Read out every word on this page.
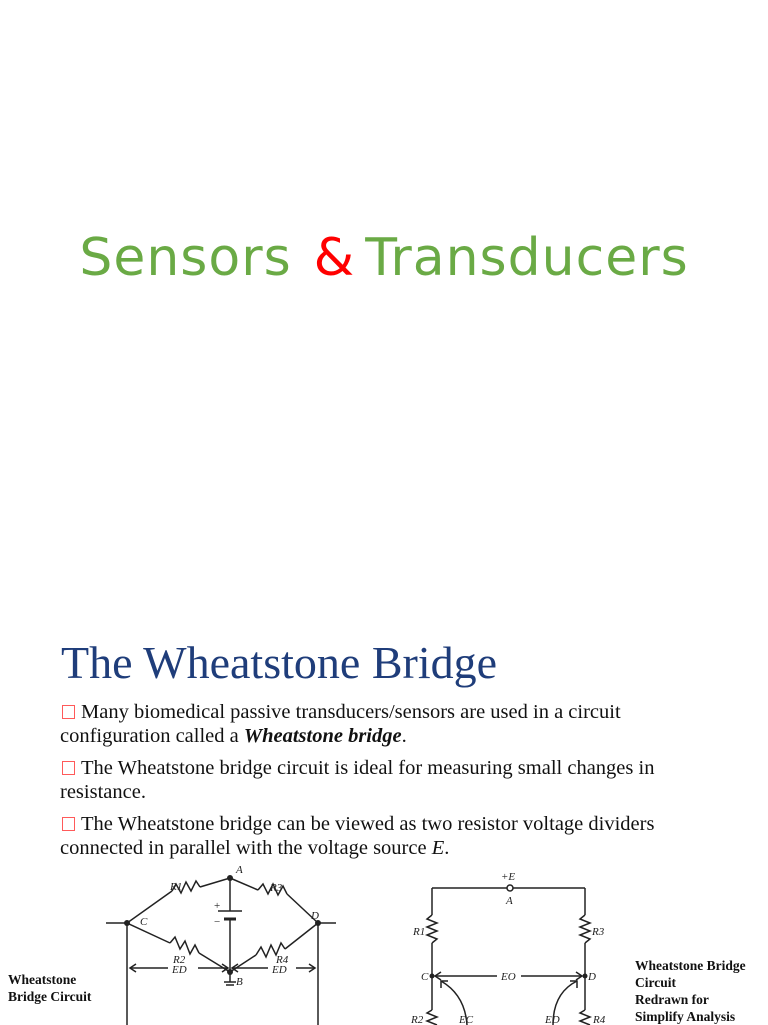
Sensors & Transducers
The Wheatstone Bridge
Many biomedical passive transducers/sensors are used in a circuit configuration called a Wheatstone bridge.
The Wheatstone bridge circuit is ideal for measuring small changes in resistance.
The Wheatstone bridge can be viewed as two resistor voltage dividers connected in parallel with the voltage source E.
A
C	D
B
R1	R3
R2	R4
ED	ED
+
−
+E
A
R1	R3
C	D
EO
EC	ED
R2	R4
Wheatstone
Bridge Circuit
Wheatstone Bridge
Circuit
Redrawn for
Simplify Analysis
